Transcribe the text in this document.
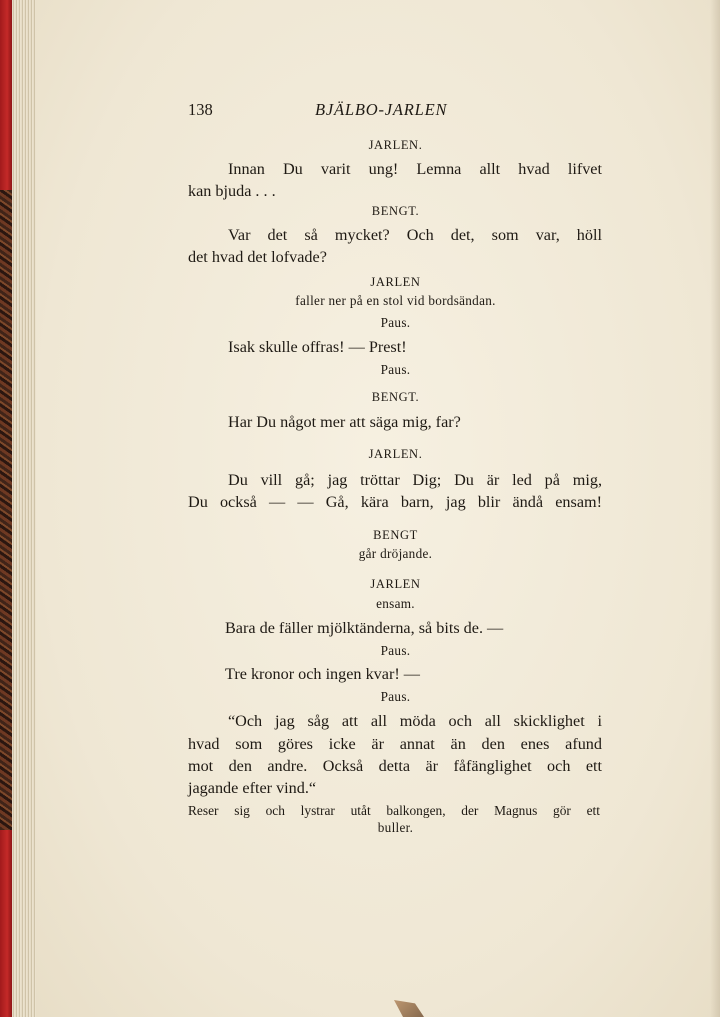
138	BJÄLBO-JARLEN
JARLEN.
Innan Du varit ung! Lemna allt hvad lifvet
kan bjuda . . .
BENGT.
Var det så mycket? Och det, som var, höll
det hvad det lofvade?
JARLEN
faller ner på en stol vid bordsändan.
Paus.
Isak skulle offras! — Prest!
Paus.
BENGT.
Har Du något mer att säga mig, far?
JARLEN.
Du vill gå; jag tröttar Dig; Du är led på mig,
Du också — — Gå, kära barn, jag blir ändå ensam!
BENGT
går dröjande.
JARLEN
ensam.
Bara de fäller mjölktänderna, så bits de. —
Paus.
Tre kronor och ingen kvar! —
Paus.
“Och jag såg att all möda och all skicklighet i
hvad som göres icke är annat än den enes afund
mot den andre. Också detta är fåfänglighet och ett
jagande efter vind.“
Reser sig och lystrar utåt balkongen, der Magnus gör ett
buller.
